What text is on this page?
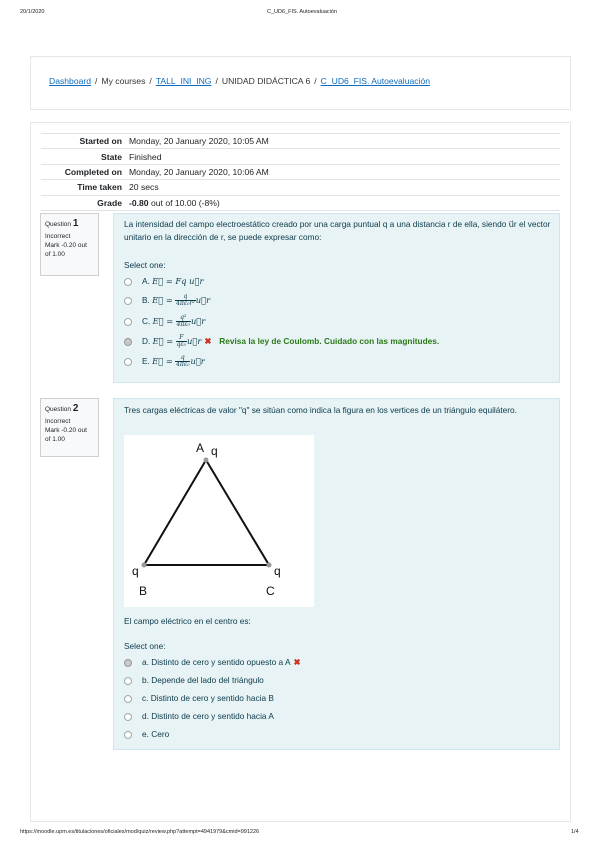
20/1/2020	C_UD6_FIS. Autoevaluación
Dashboard / My courses / TALL_INI_ING / UNIDAD DIDÁCTICA 6 / C_UD6_FIS. Autoevaluación
Started on	Monday, 20 January 2020, 10:05 AM
State	Finished
Completed on	Monday, 20 January 2020, 10:06 AM
Time taken	20 secs
Grade	-0.80 out of 10.00 (-8%)
Question 1
Incorrect
Mark -0.20 out of 1.00
La intensidad del campo electroestático creado por una carga puntual q a una distancia r de ella, siendo u⃗r el vector unitario en la dirección de r, se puede expresar como:
Select one:
A. E⃗ = Fq u⃗r
B. E⃗ = $\frac{q}{\text{4πε₀r²}}$ u⃗r
C. E⃗ = $\frac{\text{q²}}{\text{4πε₀}}$ u⃗r
D. E⃗ = $\frac{F}{\text{qε₀}}$ u⃗r ✖ Revisa la ley de Coulomb. Cuidado con las magnitudes.
E. E⃗ = $\frac{q}{\text{4πε₀}}$ u⃗r
Question 2
Incorrect
Mark -0.20 out of 1.00
Tres cargas eléctricas de valor "q" se sitúan como indica la figura en los vertices de un triángulo equilátero.
A q
q
B
q
C
El campo eléctrico en el centro es:
Select one:
a. Distinto de cero y sentido opuesto a A ✖
b. Depende del lado del triángulo
c. Distinto de cero y sentido hacia B
d. Distinto de cero y sentido hacia A
e. Cero
https://moodle.upm.es/titulaciones/oficiales/mod/quiz/review.php?attempt=4941979&cmid=991226	1/4
